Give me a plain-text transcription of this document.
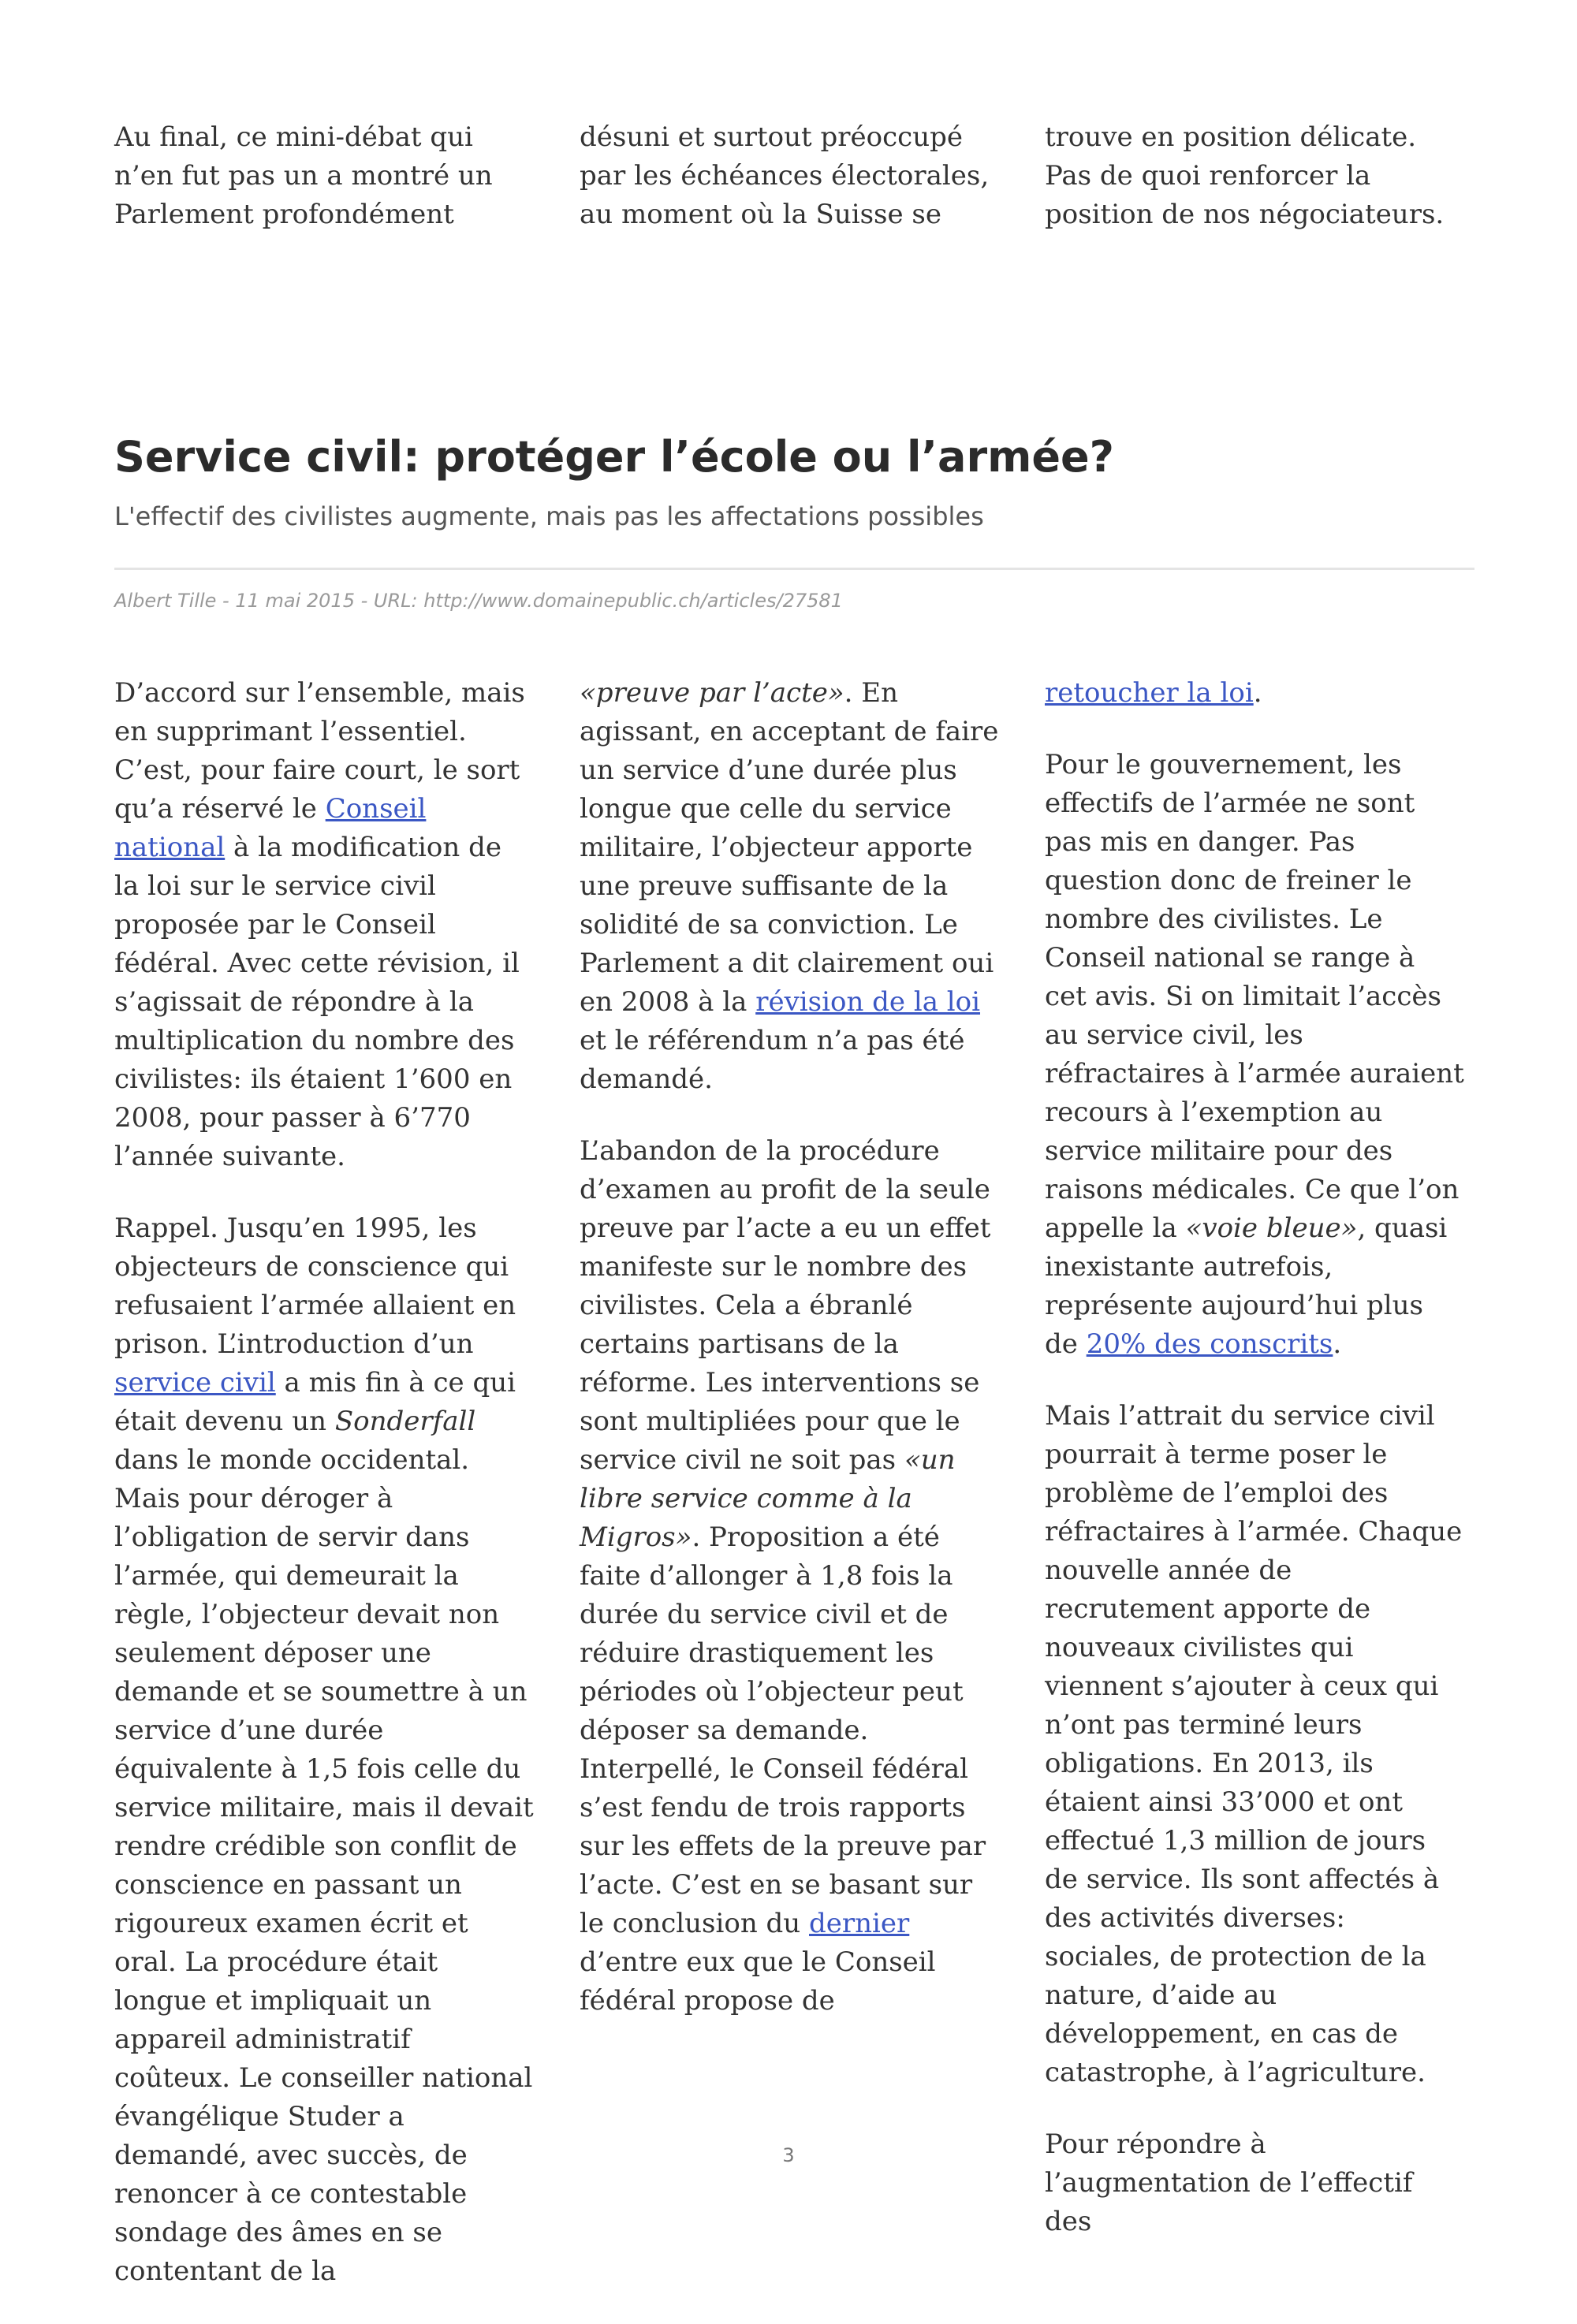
Au final, ce mini-débat qui n’en fut pas un a montré un Parlement profondément
désuni et surtout préoccupé par les échéances électorales, au moment où la Suisse se
trouve en position délicate. Pas de quoi renforcer la position de nos négociateurs.
Service civil: protéger l’école ou l’armée?

L'effectif des civilistes augmente, mais pas les affectations possibles

Albert Tille - 11 mai 2015 - URL: http://www.domainepublic.ch/articles/27581

D’accord sur l’ensemble, mais en supprimant l’essentiel. C’est, pour faire court, le sort qu’a réservé le Conseil national à la modification de la loi sur le service civil proposée par le Conseil fédéral. Avec cette révision, il s’agissait de répondre à la multiplication du nombre des civilistes: ils étaient 1’600 en 2008, pour passer à 6’770 l’année suivante.

Rappel. Jusqu’en 1995, les objecteurs de conscience qui refusaient l’armée allaient en prison. L’introduction d’un service civil a mis fin à ce qui était devenu un Sonderfall dans le monde occidental. Mais pour déroger à l’obligation de servir dans l’armée, qui demeurait la règle, l’objecteur devait non seulement déposer une demande et se soumettre à un service d’une durée équivalente à 1,5 fois celle du service militaire, mais il devait rendre crédible son conflit de conscience en passant un rigoureux examen écrit et oral. La procédure était longue et impliquait un appareil administratif coûteux. Le conseiller national évangélique Studer a demandé, avec succès, de renoncer à ce contestable sondage des âmes en se contentant de la

«preuve par l’acte». En agissant, en acceptant de faire un service d’une durée plus longue que celle du service militaire, l’objecteur apporte une preuve suffisante de la solidité de sa conviction. Le Parlement a dit clairement oui en 2008 à la révision de la loi et le référendum n’a pas été demandé.

L’abandon de la procédure d’examen au profit de la seule preuve par l’acte a eu un effet manifeste sur le nombre des civilistes. Cela a ébranlé certains partisans de la réforme. Les interventions se sont multipliées pour que le service civil ne soit pas «un libre service comme à la Migros». Proposition a été faite d’allonger à 1,8 fois la durée du service civil et de réduire drastiquement les périodes où l’objecteur peut déposer sa demande. Interpellé, le Conseil fédéral s’est fendu de trois rapports sur les effets de la preuve par l’acte. C’est en se basant sur le conclusion du dernier d’entre eux que le Conseil fédéral propose de

retoucher la loi.

Pour le gouvernement, les effectifs de l’armée ne sont pas mis en danger. Pas question donc de freiner le nombre des civilistes. Le Conseil national se range à cet avis. Si on limitait l’accès au service civil, les réfractaires à l’armée auraient recours à l’exemption au service militaire pour des raisons médicales. Ce que l’on appelle la «voie bleue», quasi inexistante autrefois, représente aujourd’hui plus de 20% des conscrits.

Mais l’attrait du service civil pourrait à terme poser le problème de l’emploi des réfractaires à l’armée. Chaque nouvelle année de recrutement apporte de nouveaux civilistes qui viennent s’ajouter à ceux qui n’ont pas terminé leurs obligations. En 2013, ils étaient ainsi 33’000 et ont effectué 1,3 million de jours de service. Ils sont affectés à des activités diverses: sociales, de protection de la nature, d’aide au développement, en cas de catastrophe, à l’agriculture.

Pour répondre à l’augmentation de l’effectif des

3
